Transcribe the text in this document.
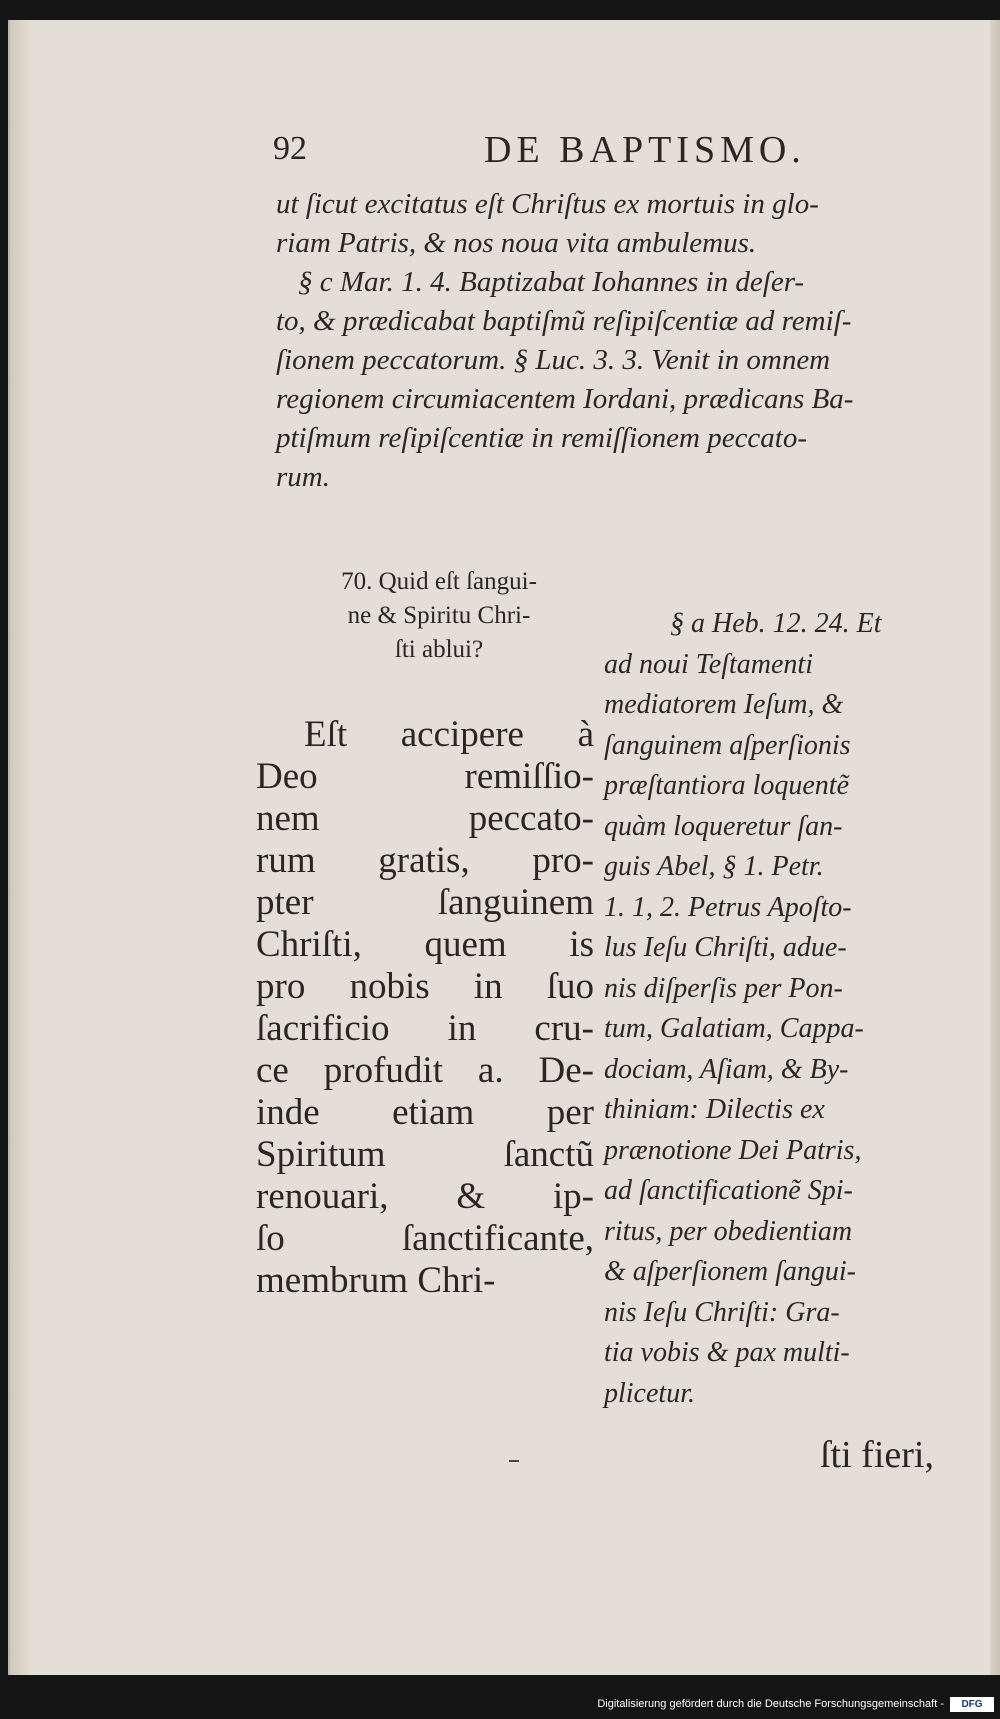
92	DE BAPTISMO.
ut ſicut excitatus eſt Chriſtus ex mortuis in glo-
riam Patris, & nos noua vita ambulemus.
§ c Mar. 1. 4. Baptizabat Iohannes in deſer-
to, & prædicabat baptiſmũ reſipiſcentiæ ad remiſ-
ſionem peccatorum. § Luc. 3. 3. Venit in omnem
regionem circumiacentem Iordani, prædicans Ba-
ptiſmum reſipiſcentiæ in remiſſionem peccato-
rum.
70. Quid eſt ſangui-
ne & Spiritu Chri-
ſti ablui?
Eſt accipere à
Deo remiſſio-
nem peccato-
rum gratis, pro-
pter ſanguinem
Chriſti, quem is
pro nobis in ſuo
ſacrificio in cru-
ce profudit a. De-
inde etiam per
Spiritum ſanctũ
renouari, & ip-
ſo ſanctificante,
membrum Chri-
§ a Heb. 12. 24. Et
ad noui Teſtamenti
mediatorem Ieſum, &
ſanguinem aſperſionis
præſtantiora loquentẽ
quàm loqueretur ſan-
guis Abel, § 1. Petr.
1. 1, 2. Petrus Apoſto-
lus Ieſu Chriſti, adue-
nis diſperſis per Pon-
tum, Galatiam, Cappa-
dociam, Aſiam, & By-
thiniam: Dilectis ex
prænotione Dei Patris,
ad ſanctificationẽ Spi-
ritus, per obedientiam
& aſperſionem ſangui-
nis Ieſu Chriſti: Gra-
tia vobis & pax multi-
plicetur.
ſti fieri,
Digitalisierung gefördert durch die Deutsche Forschungsgemeinschaft -	DFG
